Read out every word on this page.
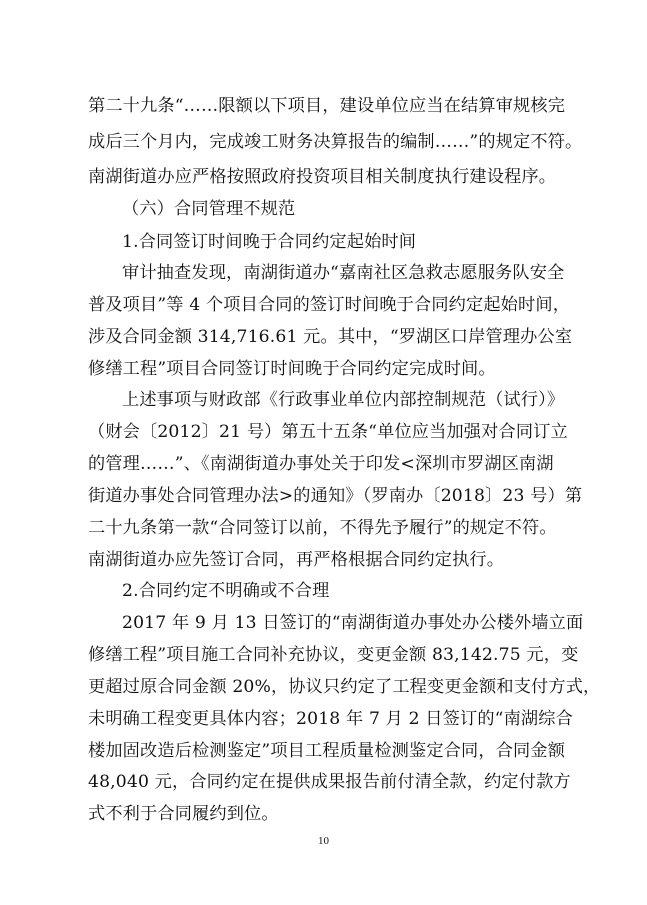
第二十九条“……限额以下项目，建设单位应当在结算审规核完
成后三个月内，完成竣工财务决算报告的编制……”的规定不符。
南湖街道办应严格按照政府投资项目相关制度执行建设程序。
（六）合同管理不规范
1.合同签订时间晚于合同约定起始时间
审计抽查发现，南湖街道办“嘉南社区急救志愿服务队安全
普及项目”等 4 个项目合同的签订时间晚于合同约定起始时间，
涉及合同金额 314,716.61 元。其中，“罗湖区口岸管理办公室
修缮工程”项目合同签订时间晚于合同约定完成时间。
上述事项与财政部《行政事业单位内部控制规范（试行）》
（财会〔2012〕21 号）第五十五条“单位应当加强对合同订立
的管理……”、《南湖街道办事处关于印发<深圳市罗湖区南湖
街道办事处合同管理办法>的通知》（罗南办〔2018〕23 号）第
二十九条第一款“合同签订以前，不得先予履行”的规定不符。
南湖街道办应先签订合同，再严格根据合同约定执行。
2.合同约定不明确或不合理
2017 年 9 月 13 日签订的“南湖街道办事处办公楼外墙立面
修缮工程”项目施工合同补充协议，变更金额 83,142.75 元，变
更超过原合同金额 20%，协议只约定了工程变更金额和支付方式，
未明确工程变更具体内容；2018 年 7 月 2 日签订的“南湖综合
楼加固改造后检测鉴定”项目工程质量检测鉴定合同，合同金额
48,040 元，合同约定在提供成果报告前付清全款，约定付款方
式不利于合同履约到位。
10
